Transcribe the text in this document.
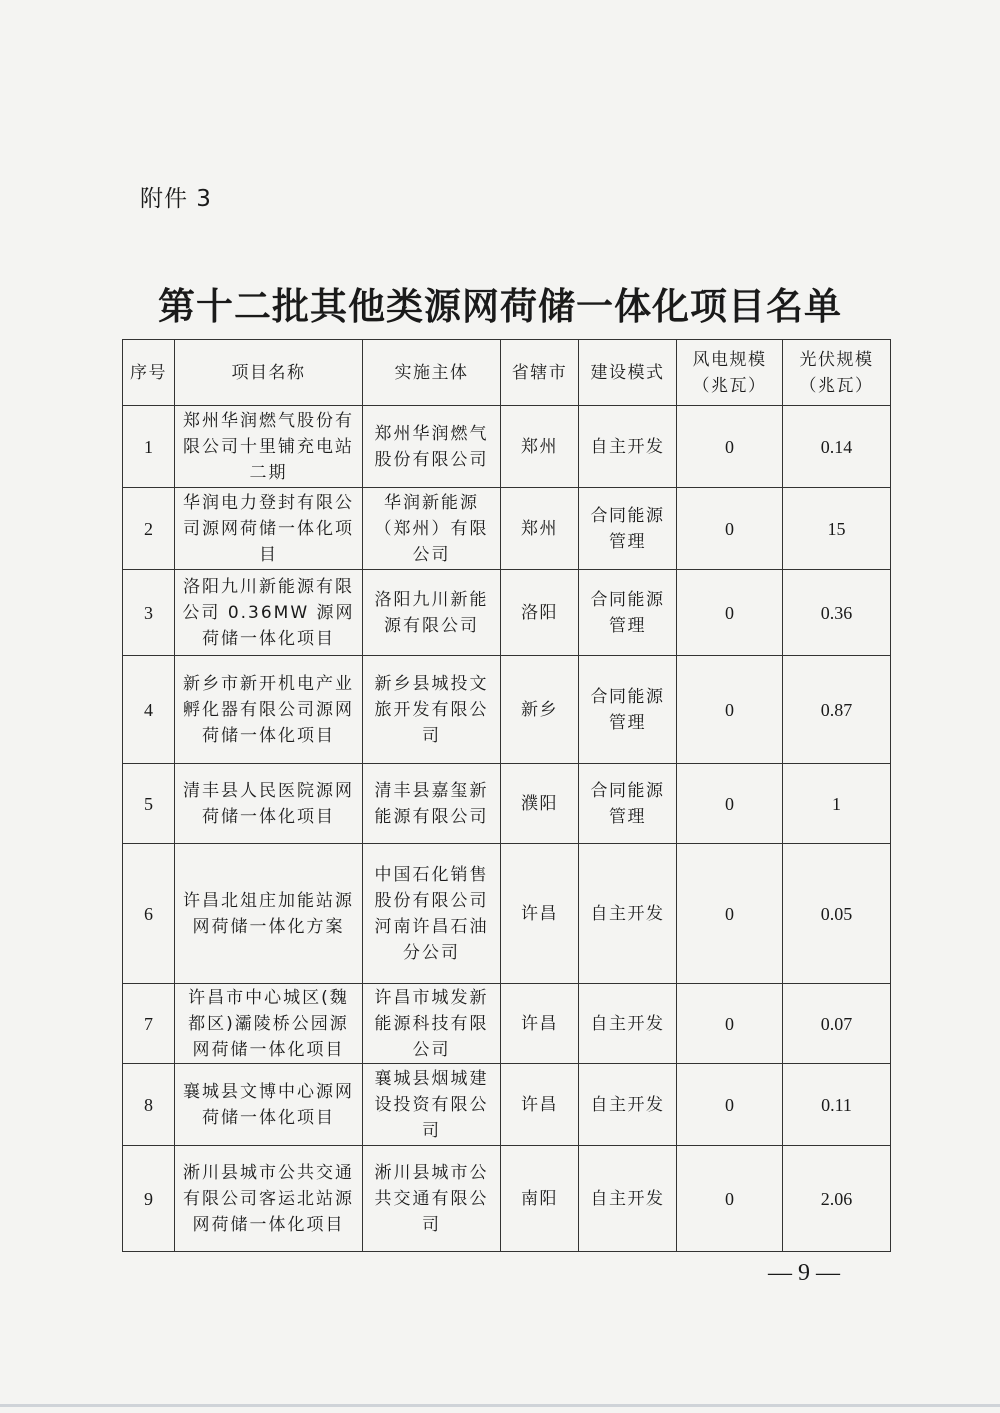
附件 3
第十二批其他类源网荷储一体化项目名单
序号	项目名称	实施主体	省辖市	建设模式	风电规模（兆瓦）	光伏规模（兆瓦）
1	郑州华润燃气股份有限公司十里铺充电站二期	郑州华润燃气股份有限公司	郑州	自主开发	0	0.14
2	华润电力登封有限公司源网荷储一体化项目	华润新能源（郑州）有限公司	郑州	合同能源管理	0	15
3	洛阳九川新能源有限公司 0.36MW 源网荷储一体化项目	洛阳九川新能源有限公司	洛阳	合同能源管理	0	0.36
4	新乡市新开机电产业孵化器有限公司源网荷储一体化项目	新乡县城投文旅开发有限公司	新乡	合同能源管理	0	0.87
5	清丰县人民医院源网荷储一体化项目	清丰县嘉玺新能源有限公司	濮阳	合同能源管理	0	1
6	许昌北俎庄加能站源网荷储一体化方案	中国石化销售股份有限公司河南许昌石油分公司	许昌	自主开发	0	0.05
7	许昌市中心城区(魏都区)灞陵桥公园源网荷储一体化项目	许昌市城发新能源科技有限公司	许昌	自主开发	0	0.07
8	襄城县文博中心源网荷储一体化项目	襄城县烟城建设投资有限公司	许昌	自主开发	0	0.11
9	淅川县城市公共交通有限公司客运北站源网荷储一体化项目	淅川县城市公共交通有限公司	南阳	自主开发	0	2.06
— 9 —
